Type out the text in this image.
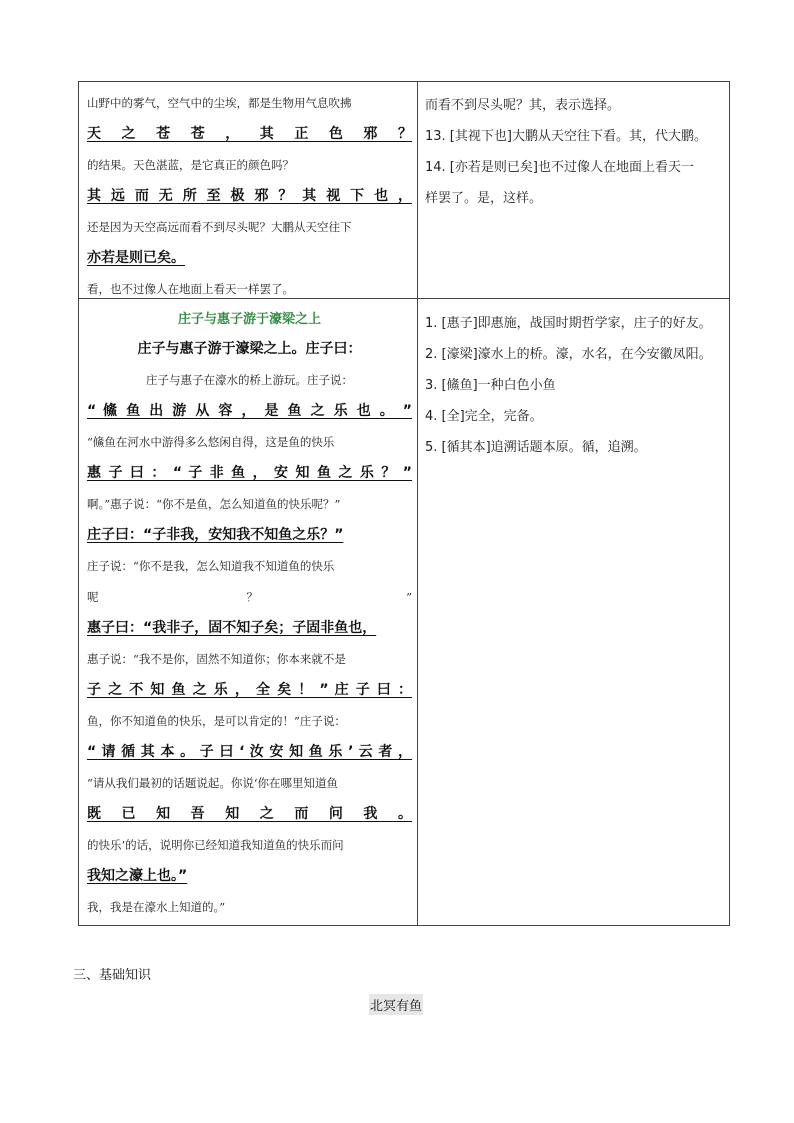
山野中的雾气，空气中的尘埃，都是生物用气息吹拂
天 之 苍 苍 ， 其 正 色 邪 ？
的结果。天色湛蓝，是它真正的颜色吗？
其 远 而 无 所 至 极 邪 ？ 其 视 下 也 ，
还是因为天空高远而看不到尽头呢？大鹏从天空往下
亦若是则已矣。
看，也不过像人在地面上看天一样罢了。
而看不到尽头呢？其，表示选择。
13. [其视下也]大鹏从天空往下看。其，代大鹏。
14. [亦若是则已矣]也不过像人在地面上看天一
样罢了。是，这样。
庄子与惠子游于濠梁之上
庄子与惠子游于濠梁之上。庄子曰：
庄子与惠子在濠水的桥上游玩。庄子说：
“ 鯈 鱼 出 游 从 容 ， 是 鱼 之 乐 也 。 ”
“鯈鱼在河水中游得多么悠闲自得，这是鱼的快乐
惠 子 曰 ： “ 子 非 鱼 ， 安 知 鱼 之 乐 ？ ”
啊。”惠子说：“你不是鱼，怎么知道鱼的快乐呢？”
庄子曰：“子非我，安知我不知鱼之乐？”
庄子说：“你不是我，怎么知道我不知道鱼的快乐
呢 ？ ”
惠子曰：“我非子，固不知子矣；子固非鱼也，
惠子说：“我不是你，固然不知道你；你本来就不是
子 之 不 知 鱼 之 乐 ， 全 矣 ！ ” 庄 子 曰 ：
鱼，你不知道鱼的快乐，是可以肯定的！”庄子说：
“ 请 循 其 本 。 子 曰 ‘ 汝 安 知 鱼 乐 ’ 云 者 ，
“请从我们最初的话题说起。你说‘你在哪里知道鱼
既 已 知 吾 知 之 而 问 我 。
的快乐’的话，说明你已经知道我知道鱼的快乐而问
我知之濠上也。”
我，我是在濠水上知道的。”
1. [惠子]即惠施，战国时期哲学家，庄子的好友。
2. [濠梁]濠水上的桥。濠，水名，在今安徽凤阳。
3. [鯈鱼]一种白色小鱼
4. [全]完全，完备。
5. [循其本]追溯话题本原。循，追溯。
三、基础知识
北冥有鱼
